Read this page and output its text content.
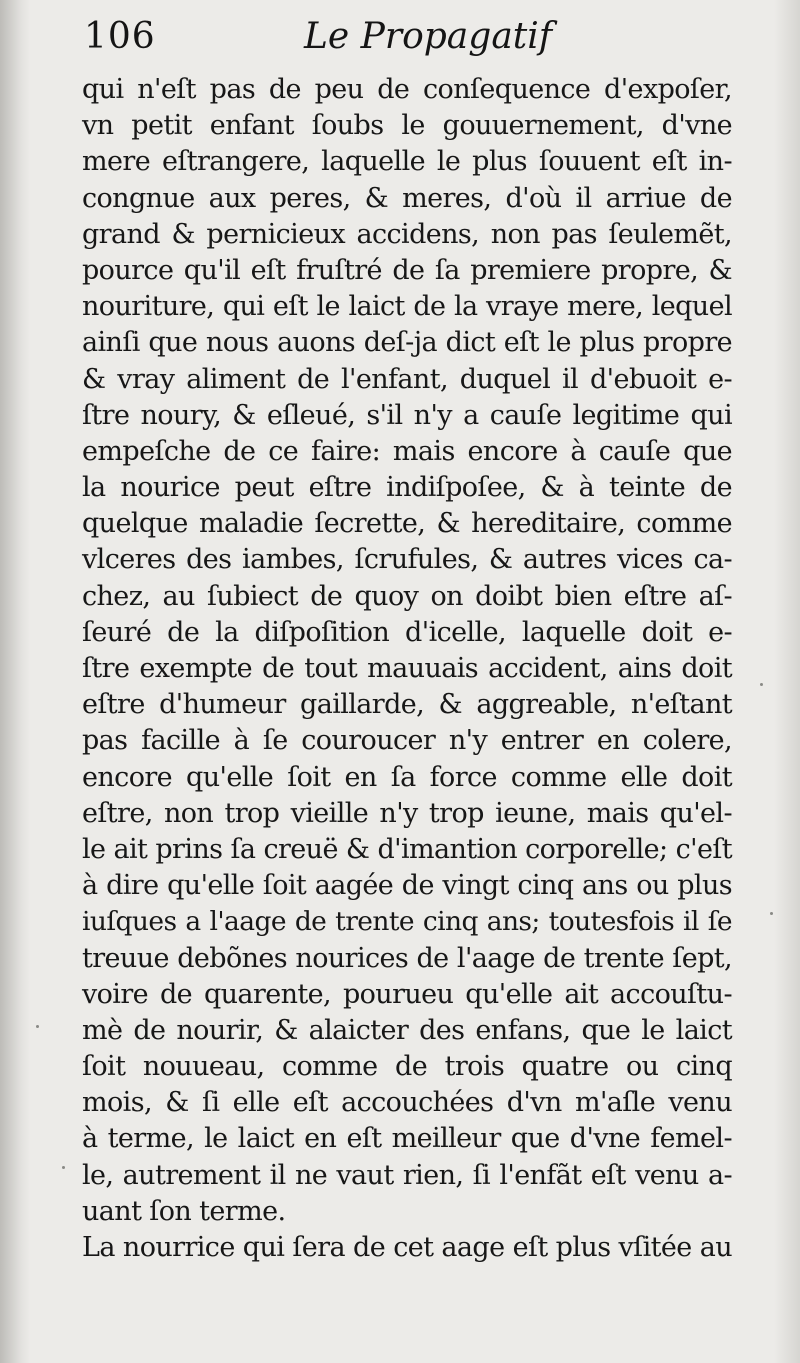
106	Le Propagatif
qui n'eſt pas de peu de conſequence d'expoſer,
vn petit enfant ſoubs le gouuernement, d'vne
mere eſtrangere, laquelle le plus ſouuent eſt in-
congnue aux peres, & meres, d'où il arriue de
grand & pernicieux accidens, non pas ſeulemẽt,
pource qu'il eſt fruſtré de ſa premiere propre, &
nouriture, qui eſt le laict de la vraye mere, lequel
ainſi que nous auons deſ-ja dict eſt le plus propre
& vray aliment de l'enfant, duquel il d'ebuoit e-
ſtre noury, & eſleué, s'il n'y a cauſe legitime qui
empeſche de ce faire: mais encore à cauſe que
la nourice peut eſtre indiſpoſee, & à teinte de
quelque maladie ſecrette, & hereditaire, comme
vlceres des iambes, ſcrufules, & autres vices ca-
chez, au ſubiect de quoy on doibt bien eſtre aſ-
ſeuré de la diſpoſition d'icelle, laquelle doit e-
ſtre exempte de tout mauuais accident, ains doit
eſtre d'humeur gaillarde, & aggreable, n'eſtant
pas facille à ſe couroucer n'y entrer en colere,
encore qu'elle ſoit en ſa force comme elle doit
eſtre, non trop vieille n'y trop ieune, mais qu'el-
le ait prins ſa creuë & d'imantion corporelle; c'eſt
à dire qu'elle ſoit aagée de vingt cinq ans ou plus
iuſques a l'aage de trente cinq ans; toutesfois il ſe
treuue debõnes nourices de l'aage de trente ſept,
voire de quarente, pourueu qu'elle ait accouſtu-
mè de nourir, & alaicter des enfans, que le laict
ſoit nouueau, comme de trois quatre ou cinq
mois, & ſi elle eſt accouchées d'vn m'aſle venu
à terme, le laict en eſt meilleur que d'vne femel-
le, autrement il ne vaut rien, ſi l'enfãt eſt venu a-
uant ſon terme.
La nourrice qui ſera de cet aage eſt plus vſitée au
